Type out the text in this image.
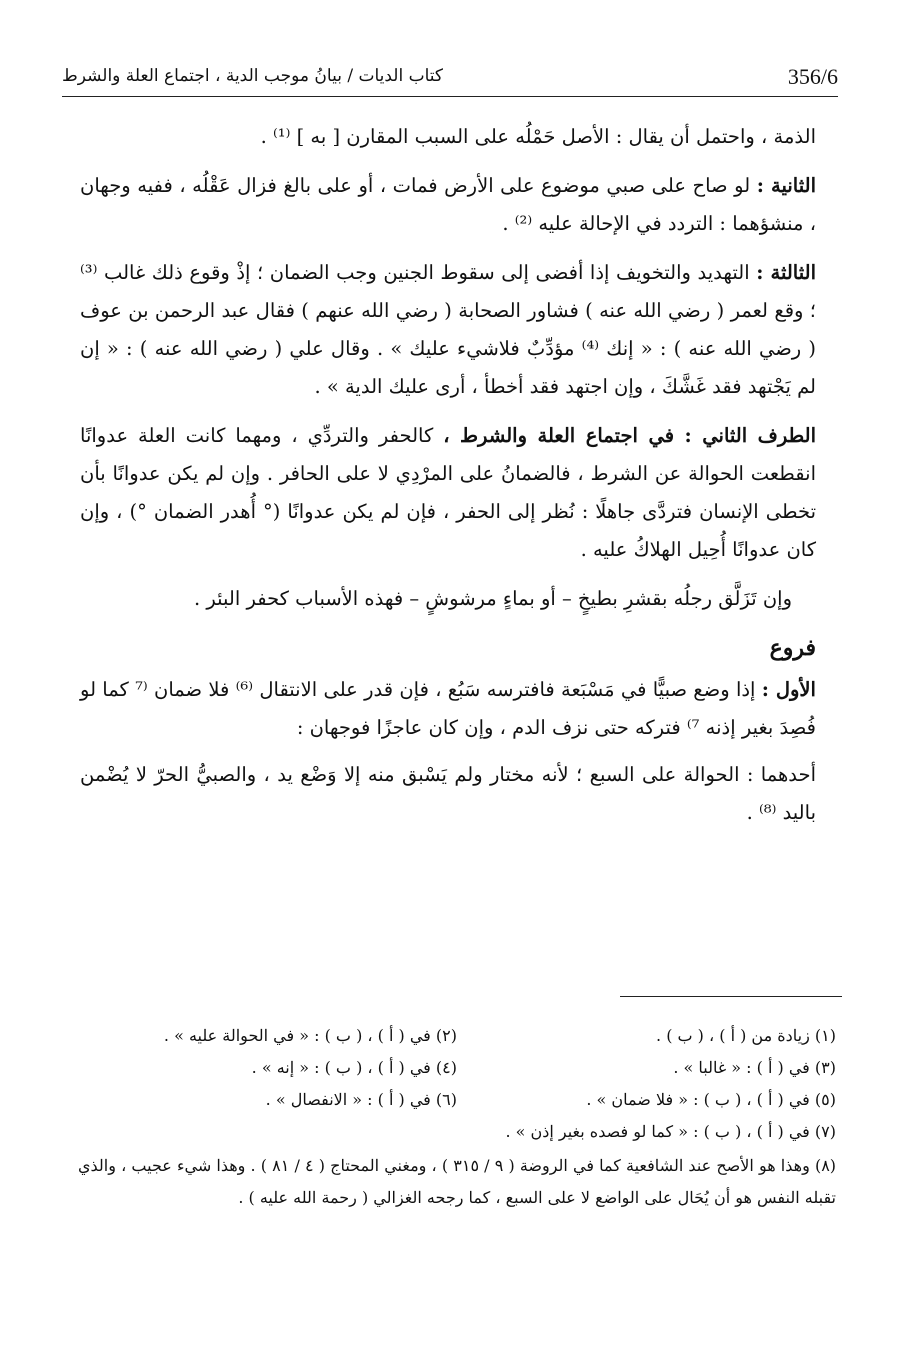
356/6
كتاب الديات / بيانُ موجب الدية ، اجتماع العلة والشرط

الذمة ، واحتمل أن يقال : الأصل حَمْلُه على السبب المقارن [ به ] ⁽¹⁾ .

الثانية : لو صاح على صبي موضوع على الأرض فمات ، أو على بالغ فزال عَقْلُه ، ففيه وجهان ، منشؤهما : التردد في الإحالة عليه ⁽²⁾ .

الثالثة : التهديد والتخويف إذا أفضى إلى سقوط الجنين وجب الضمان ؛ إذْ وقوع ذلك غالب ⁽³⁾ ؛ وقع لعمر ( رضي الله عنه ) فشاور الصحابة ( رضي الله عنهم ) فقال عبد الرحمن بن عوف ( رضي الله عنه ) : « إنك ⁽⁴⁾ مؤدِّبٌ فلاشيء عليك » . وقال علي ( رضي الله عنه ) : « إن لم يَجْتهد فقد غَشَّكَ ، وإن اجتهد فقد أخطأ ، أرى عليك الدية » .

الطرف الثاني : في اجتماع العلة والشرط ، كالحفر والتردِّي ، ومهما كانت العلة عدوانًا انقطعت الحوالة عن الشرط ، فالضمانُ على المرْدِي لا على الحافر . وإن لم يكن عدوانًا بأن تخطى الإنسان فتردَّى جاهلًا : نُظر إلى الحفر ، فإن لم يكن عدوانًا (° أُهدر الضمان °) ، وإن كان عدوانًا أُحِيل الهلاكُ عليه .

وإن تَزَلَّق رجلُه بقشرِ بطيخٍ – أو بماءٍ مرشوشٍ – فهذه الأسباب كحفر البئر .

فروع

الأول : إذا وضع صبيًّا في مَسْبَعة فافترسه سَبُع ، فإن قدر على الانتقال ⁽⁶⁾ فلا ضمان ⁽⁷ كما لو فُصِدَ بغير إذنه ⁷⁾ فتركه حتى نزف الدم ، وإن كان عاجزًا فوجهان :

أحدهما : الحوالة على السبع ؛ لأنه مختار ولم يَسْبق منه إلا وَضْع يد ، والصبيُّ الحرّ لا يُضْمن باليد ⁽⁸⁾ .

(١) زيادة من ( أ ) ، ( ب ) .
(٢) في ( أ ) ، ( ب ) : « في الحوالة عليه » .
(٣) في ( أ ) : « غالبا » .
(٤) في ( أ ) ، ( ب ) : « إنه » .
(٥) في ( أ ) ، ( ب ) : « فلا ضمان » .
(٦) في ( أ ) : « الانفصال » .
(٧) في ( أ ) ، ( ب ) : « كما لو فصده بغير إذن » .
(٨) وهذا هو الأصح عند الشافعية كما في الروضة ( ٩ / ٣١٥ ) ، ومغني المحتاج ( ٤ / ٨١ ) . وهذا شيء عجيب ، والذي تقبله النفس هو أن يُحَال على الواضع لا على السبع ، كما رجحه الغزالي ( رحمة الله عليه ) .
